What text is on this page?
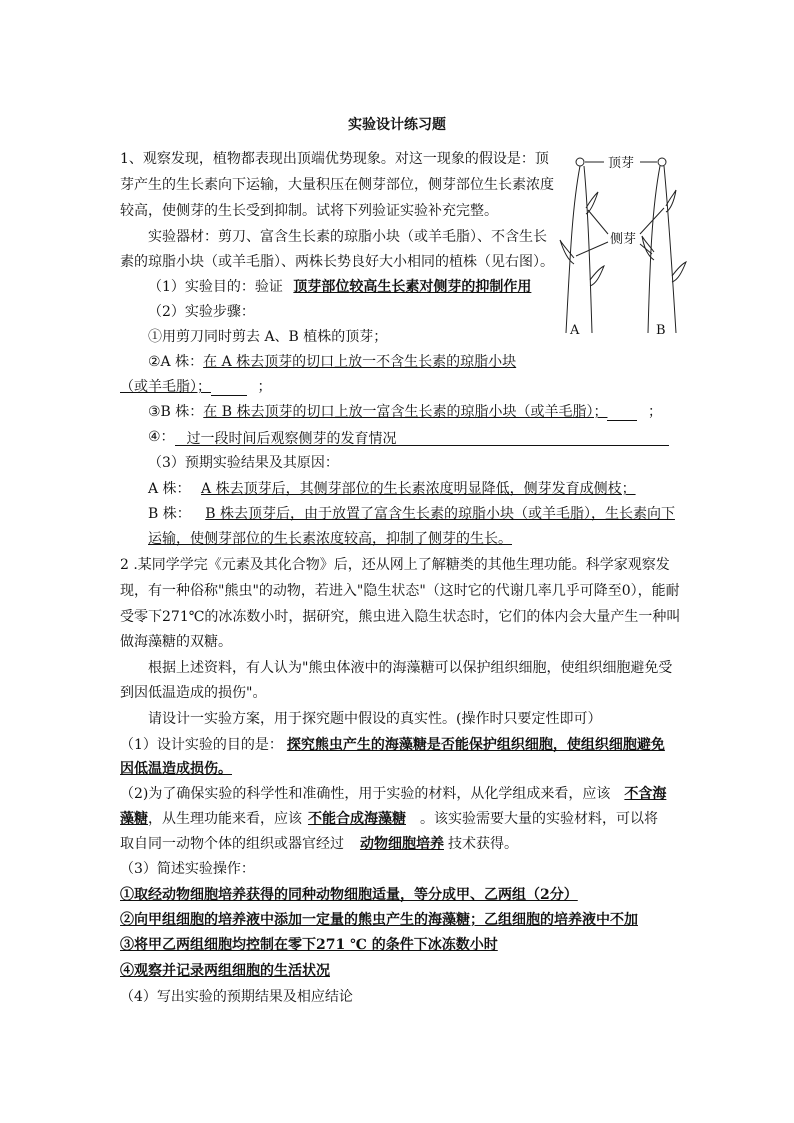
实验设计练习题
1、观察发现，植物都表现出顶端优势现象。对这一现象的假设是：顶
芽产生的生长素向下运输，大量积压在侧芽部位，侧芽部位生长素浓度
较高，使侧芽的生长受到抑制。试将下列验证实验补充完整。
实验器材：剪刀、富含生长素的琼脂小块（或羊毛脂）、不含生长
素的琼脂小块（或羊毛脂）、两株长势良好大小相同的植株（见右图）。
（1）实验目的：验证 顶芽部位较高生长素对侧芽的抑制作用
（2）实验步骤：
①用剪刀同时剪去 A、B 植株的顶芽；
②A 株：在 A 株去顶芽的切口上放一不含生长素的琼脂小块
（或羊毛脂）；	；
③B 株：在 B 株去顶芽的切口上放一富含生长素的琼脂小块（或羊毛脂）；	；
④： 过一段时间后观察侧芽的发育情况
（3）预期实验结果及其原因：
A 株： A 株去顶芽后，其侧芽部位的生长素浓度明显降低，侧芽发育成侧枝；
B 株： B 株去顶芽后，由于放置了富含生长素的琼脂小块（或羊毛脂），生长素向下
运输，使侧芽部位的生长素浓度较高，抑制了侧芽的生长。
顶芽
侧芽
A	B
2 .某同学学完《元素及其化合物》后，还从网上了解糖类的其他生理功能。科学家观察发
现，有一种俗称"熊虫"的动物，若进入"隐生状态"（这时它的代谢几率几乎可降至0），能耐
受零下271℃的冰冻数小时，据研究，熊虫进入隐生状态时，它们的体内会大量产生一种叫
做海藻糖的双糖。
根据上述资料，有人认为"熊虫体液中的海藻糖可以保护组织细胞，使组织细胞避免受
到因低温造成的损伤"。
请设计一实验方案，用于探究题中假设的真实性。(操作时只要定性即可）
（1）设计实验的目的是： 探究熊虫产生的海藻糖是否能保护组织细胞，使组织细胞避免
因低温造成损伤。
（2)为了确保实验的科学性和准确性，用于实验的材料，从化学组成来看，应该 不含海
藻糖，从生理功能来看，应该 不能合成海藻糖 。该实验需要大量的实验材料，可以将
取自同一动物个体的组织或器官经过 动物细胞培养 技术获得。
（3）简述实验操作：
①取经动物细胞培养获得的同种动物细胞适量，等分成甲、乙两组（2分）
②向甲组细胞的培养液中添加一定量的熊虫产生的海藻糖；乙组细胞的培养液中不加
③将甲乙两组细胞均控制在零下271 ℃ 的条件下冰冻数小时
④观察并记录两组细胞的生活状况
（4）写出实验的预期结果及相应结论
